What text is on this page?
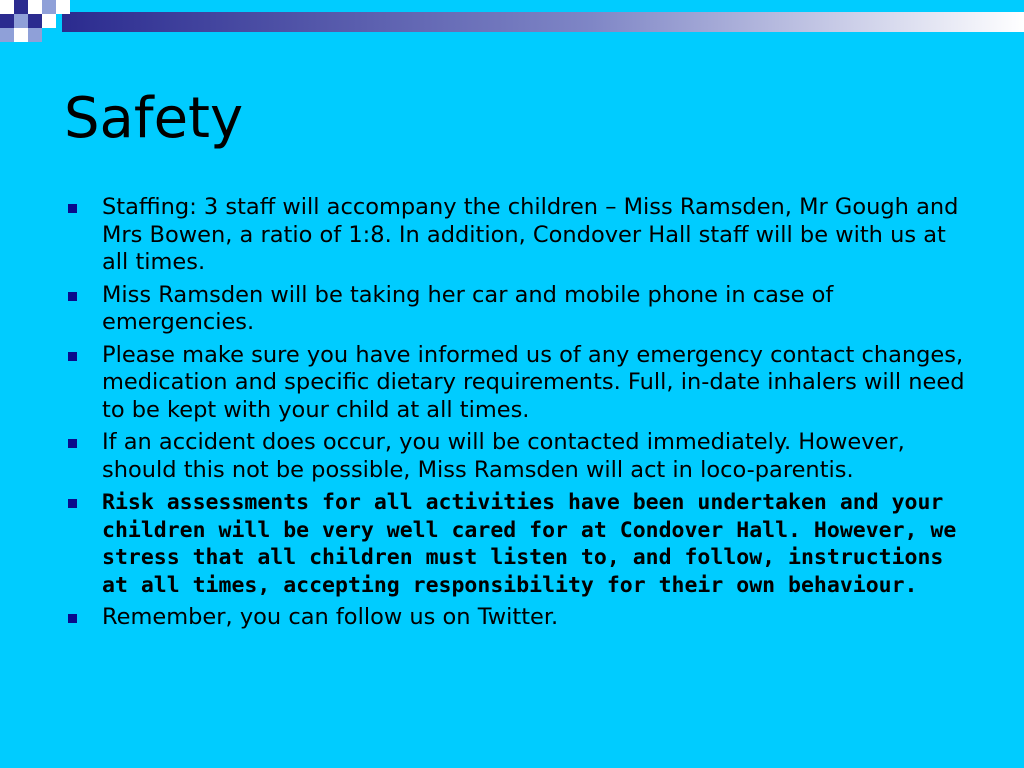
Safety
Staffing: 3 staff will accompany the children – Miss Ramsden, Mr Gough and Mrs Bowen, a ratio of 1:8. In addition, Condover Hall staff will be with us at all times.
Miss Ramsden will be taking her car and mobile phone in case of emergencies.
Please make sure you have informed us of any emergency contact changes, medication and specific dietary requirements. Full, in-date inhalers will need to be kept with your child at all times.
If an accident does occur, you will be contacted immediately. However, should this not be possible, Miss Ramsden will act in loco-parentis.
Risk assessments for all activities have been undertaken and your children will be very well cared for at Condover Hall. However, we stress that all children must listen to, and follow, instructions at all times, accepting responsibility for their own behaviour.
Remember, you can follow us on Twitter.
